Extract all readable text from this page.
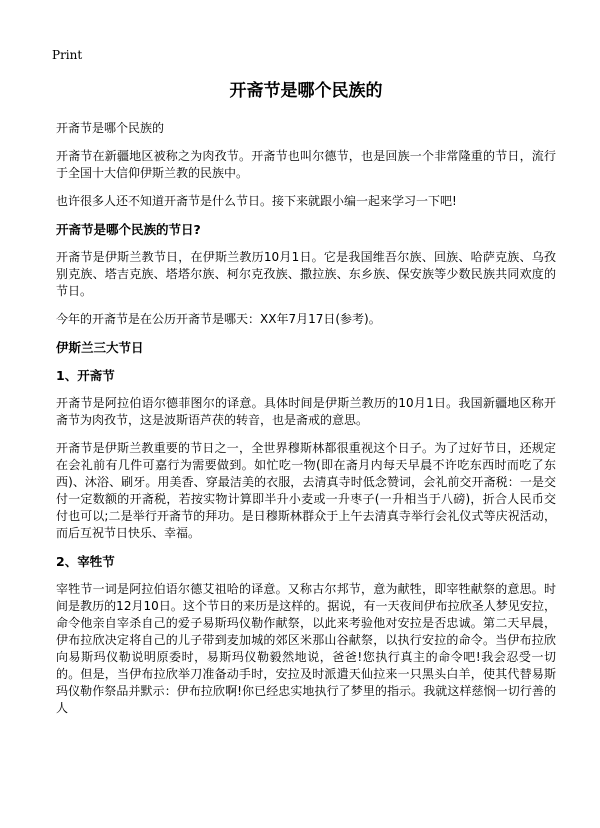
Print
开斋节是哪个民族的

开斋节是哪个民族的

开斋节在新疆地区被称之为肉孜节。开斋节也叫尔德节，也是回族一个非常隆重的节日，流行于全国十大信仰伊斯兰教的民族中。

也许很多人还不知道开斋节是什么节日。接下来就跟小编一起来学习一下吧!

开斋节是哪个民族的节日?

开斋节是伊斯兰教节日，在伊斯兰教历10月1日。它是我国维吾尔族、回族、哈萨克族、乌孜别克族、塔吉克族、塔塔尔族、柯尔克孜族、撒拉族、东乡族、保安族等少数民族共同欢度的节日。

今年的开斋节是在公历开斋节是哪天：XX年7月17日(参考)。

伊斯兰三大节日
1、开斋节

开斋节是阿拉伯语尔德菲图尔的译意。具体时间是伊斯兰教历的10月1日。我国新疆地区称开斋节为肉孜节，这是波斯语芦茯的转音，也是斋戒的意思。

开斋节是伊斯兰教重要的节日之一，全世界穆斯林都很重视这个日子。为了过好节日，还规定在会礼前有几件可嘉行为需要做到。如忙吃一物(即在斋月内每天早晨不许吃东西时而吃了东西)、沐浴、刷牙。用美香、穿最洁美的衣服，去清真寺时低念赞词，会礼前交开斋税：一是交付一定数额的开斋税，若按实物计算即半升小麦或一升枣子(一升相当于八磅)，折合人民币交付也可以;二是举行开斋节的拜功。是日穆斯林群众于上午去清真寺举行会礼仪式等庆祝活动，而后互祝节日快乐、幸福。

2、宰牲节

宰牲节一词是阿拉伯语尔德艾祖哈的译意。又称古尔邦节，意为献牲，即宰牲献祭的意思。时间是教历的12月10日。这个节日的来历是这样的。据说，有一天夜间伊布拉欣圣人梦见安拉，命令他亲自宰杀自己的爱子易斯玛仪勒作献祭，以此来考验他对安拉是否忠诚。第二天早晨，伊布拉欣决定将自己的儿子带到麦加城的郊区米那山谷献祭，以执行安拉的命令。当伊布拉欣向易斯玛仪勒说明原委时，易斯玛仪勒毅然地说，爸爸!您执行真主的命令吧!我会忍受一切的。但是，当伊布拉欣举刀准备动手时，安拉及时派遣天仙拉来一只黑头白羊，使其代替易斯玛仪勒作祭品并默示：伊布拉欣啊!你已经忠实地执行了梦里的指示。我就这样慈悯一切行善的人
